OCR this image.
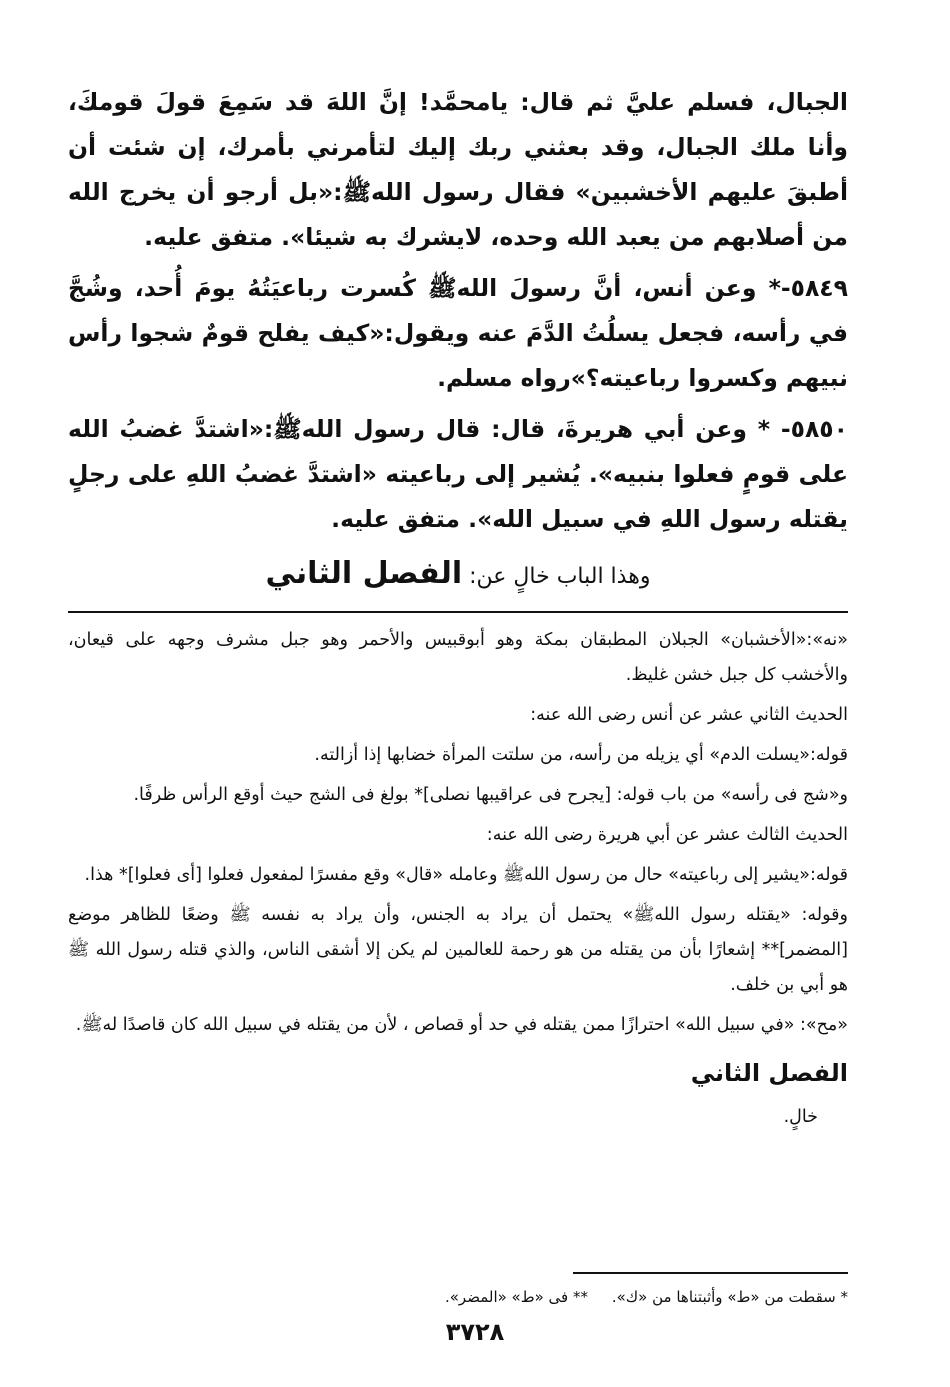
الجبال، فسلم عليَّ ثم قال: يامحمَّد! إنَّ اللهَ قد سَمِعَ قولَ قومكَ، وأنا ملك الجبال، وقد بعثني ربك إليك لتأمرني بأمرك، إن شئت أن أطبقَ عليهم الأخشبين» فقال رسول اللهﷺ:«بل أرجو أن يخرج الله من أصلابهم من يعبد الله وحده، لايشرك به شيئا». متفق عليه.

٥٨٤٩-* وعن أنس، أنَّ رسولَ اللهﷺ كُسرت رباعيَتُهُ يومَ أُحد، وشُجَّ في رأسه، فجعل يسلُتُ الدَّمَ عنه ويقول:«كيف يفلح قومٌ شجوا رأس نبيهم وكسروا رباعيته؟»رواه مسلم.

٥٨٥٠- * وعن أبي هريرةَ، قال: قال رسول اللهﷺ:«اشتدَّ غضبُ الله على قومٍ فعلوا بنبيه». يُشير إلى رباعيته «اشتدَّ غضبُ اللهِ على رجلٍ يقتله رسول اللهِ في سبيل الله». متفق عليه.

وهذا الباب خالٍ عن: الفصل الثاني

«نه»:«الأخشبان» الجبلان المطبقان بمكة وهو أبوقبيس والأحمر وهو جبل مشرف وجهه على قيعان، والأخشب كل جبل خشن غليظ.

الحديث الثاني عشر عن أنس رضى الله عنه:

قوله:«يسلت الدم» أي يزيله من رأسه، من سلتت المرأة خضابها إذا أزالته.

و«شج فى رأسه» من باب قوله: [يجرح فى عراقيبها نصلى]* بولغ فى الشج حيث أوقع الرأس ظرفًا.

الحديث الثالث عشر عن أبي هريرة رضى الله عنه:

قوله:«يشير إلى رباعيته» حال من رسول اللهﷺ وعامله «قال» وقع مفسرًا لمفعول فعلوا [أى فعلوا]* هذا.

وقوله: «يقتله رسول اللهﷺ» يحتمل أن يراد به الجنس، وأن يراد به نفسه ﷺ وضعًا للظاهر موضع [المضمر]** إشعارًا بأن من يقتله من هو رحمة للعالمين لم يكن إلا أشقى الناس، والذي قتله رسول الله ﷺ هو أبي بن خلف.

«مح»: «في سبيل الله» احترازًا ممن يقتله في حد أو قصاص ، لأن من يقتله في سبيل الله كان قاصدًا لهﷺ.

الفصل الثاني
خالٍ.
* سقطت من «ط» وأثبتناها من «ك».
** فى «ط» «المضر».
٣٧٢٨
